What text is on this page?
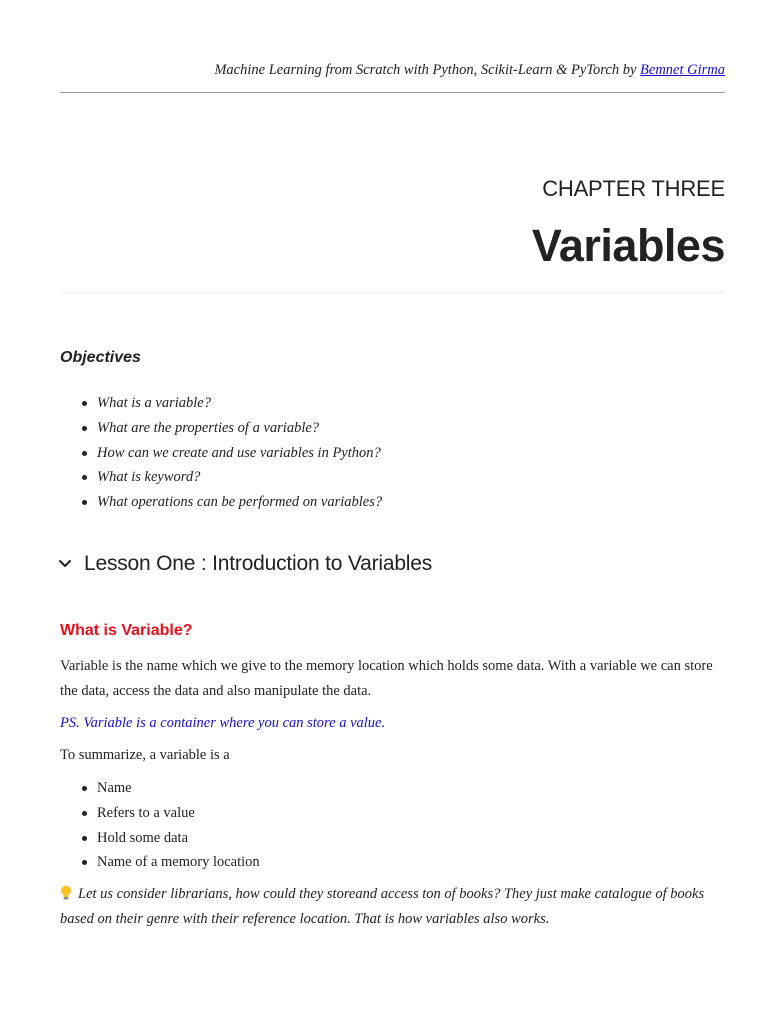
Machine Learning from Scratch with Python, Scikit-Learn & PyTorch by Bemnet Girma
CHAPTER THREE
Variables
Objectives
What is a variable?
What are the properties of a variable?
How can we create and use variables in Python?
What is keyword?
What operations can be performed on variables?
Lesson One : Introduction to Variables
What is Variable?
Variable is the name which we give to the memory location which holds some data. With a variable we can store the data, access the data and also manipulate the data.
PS. Variable is a container where you can store a value.
To summarize, a variable is a
Name
Refers to a value
Hold some data
Name of a memory location
Let us consider librarians, how could they storeand access ton of books? They just make catalogue of books based on their genre with their reference location. That is how variables also works.
